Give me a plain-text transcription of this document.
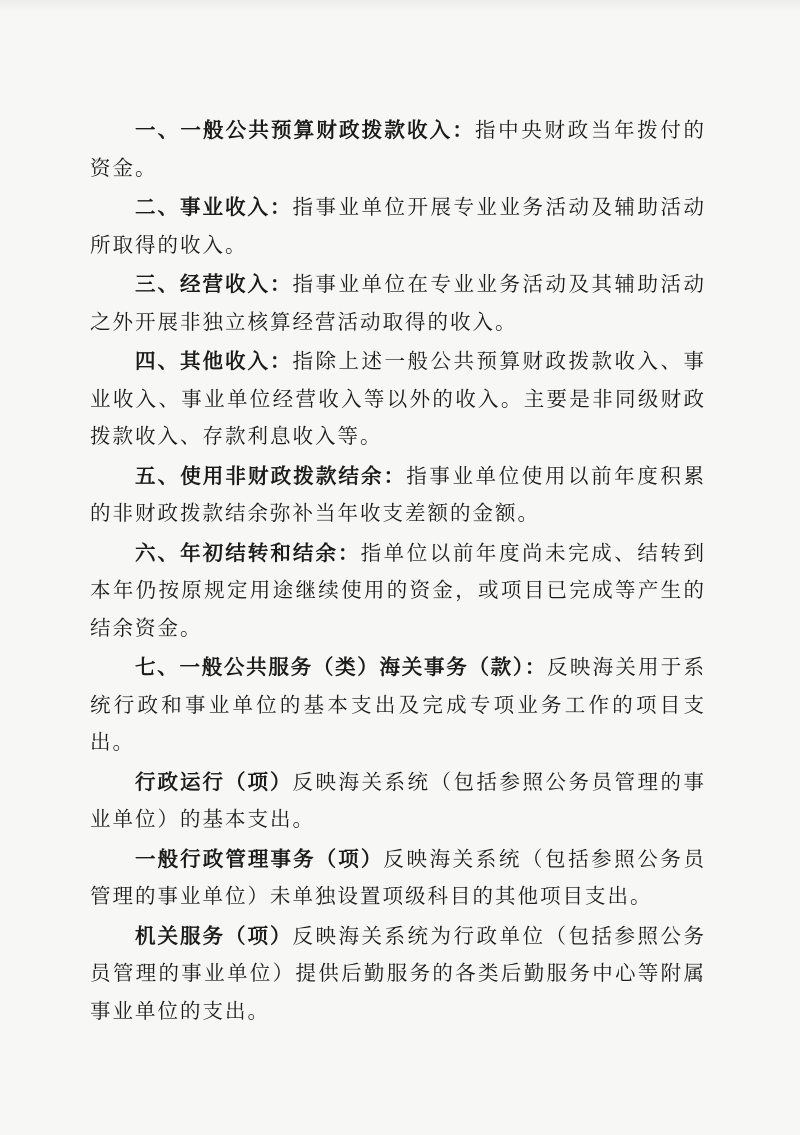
一、一般公共预算财政拨款收入：指中央财政当年拨付的资金。

二、事业收入：指事业单位开展专业业务活动及辅助活动所取得的收入。

三、经营收入：指事业单位在专业业务活动及其辅助活动之外开展非独立核算经营活动取得的收入。

四、其他收入：指除上述一般公共预算财政拨款收入、事业收入、事业单位经营收入等以外的收入。主要是非同级财政拨款收入、存款利息收入等。

五、使用非财政拨款结余：指事业单位使用以前年度积累的非财政拨款结余弥补当年收支差额的金额。

六、年初结转和结余：指单位以前年度尚未完成、结转到本年仍按原规定用途继续使用的资金，或项目已完成等产生的结余资金。

七、一般公共服务（类）海关事务（款）：反映海关用于系统行政和事业单位的基本支出及完成专项业务工作的项目支出。

行政运行（项）反映海关系统（包括参照公务员管理的事业单位）的基本支出。

一般行政管理事务（项）反映海关系统（包括参照公务员管理的事业单位）未单独设置项级科目的其他项目支出。

机关服务（项）反映海关系统为行政单位（包括参照公务员管理的事业单位）提供后勤服务的各类后勤服务中心等附属事业单位的支出。
